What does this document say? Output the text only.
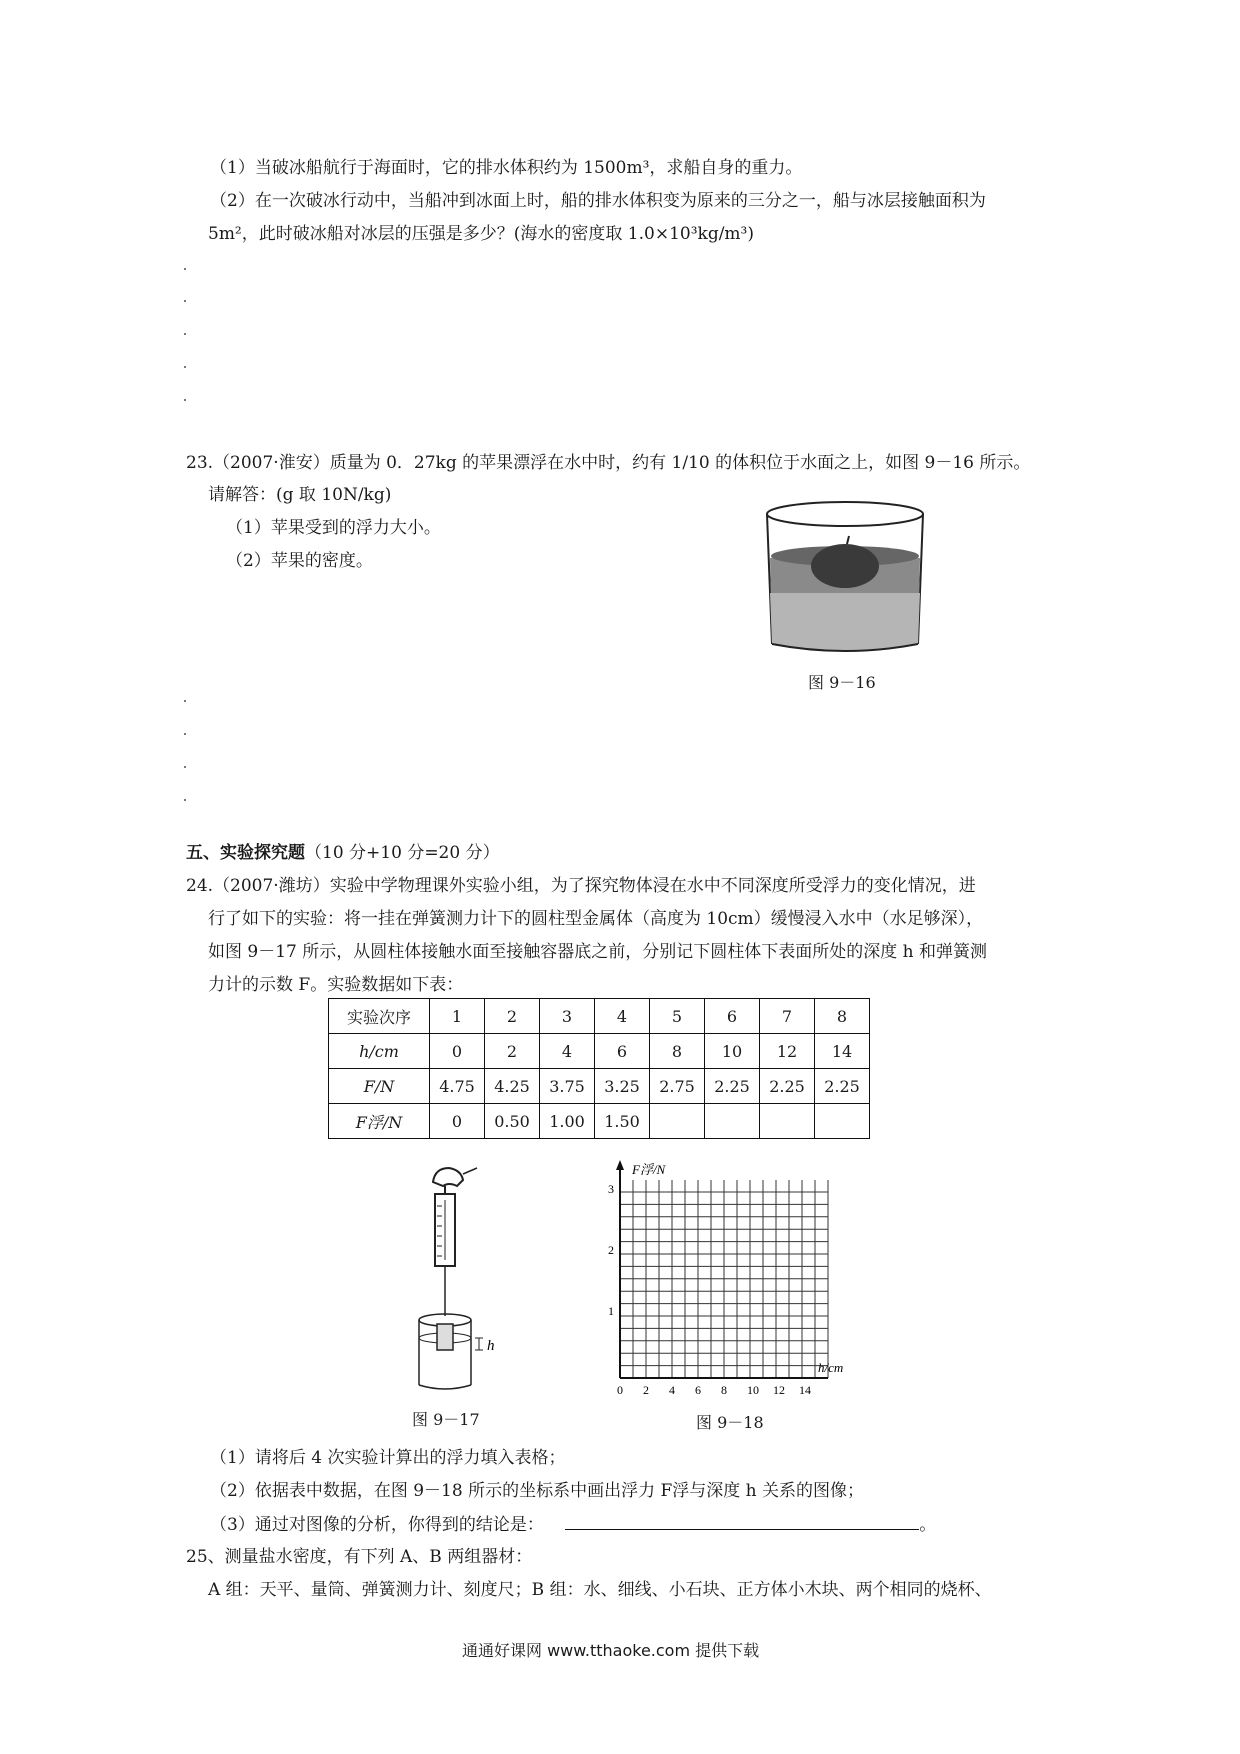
（1）当破冰船航行于海面时，它的排水体积约为 1500m³，求船自身的重力。
（2）在一次破冰行动中，当船冲到冰面上时，船的排水体积变为原来的三分之一，船与冰层接触面积为
5m²，此时破冰船对冰层的压强是多少？(海水的密度取 1.0×10³kg/m³)
23.（2007·淮安）质量为 0．27kg 的苹果漂浮在水中时，约有 1/10 的体积位于水面之上，如图 9－16 所示。
请解答：(g 取 10N/kg)
（1）苹果受到的浮力大小。
（2）苹果的密度。
图 9－16
五、实验探究题（10 分+10 分=20 分）
24.（2007·潍坊）实验中学物理课外实验小组，为了探究物体浸在水中不同深度所受浮力的变化情况，进
行了如下的实验：将一挂在弹簧测力计下的圆柱型金属体（高度为 10cm）缓慢浸入水中（水足够深），
如图 9－17 所示，从圆柱体接触水面至接触容器底之前，分别记下圆柱体下表面所处的深度 h 和弹簧测
力计的示数 F。实验数据如下表：
实验次序	1	2	3	4	5	6	7	8
h/cm	0	2	4	6	8	10	12	14
F/N	4.75	4.25	3.75	3.25	2.75	2.25	2.25	2.25
F浮/N	0	0.50	1.00	1.50				
h
图 9－17
F浮/N
h/cm
3
2
1
0 2 4 6 8 10 12 14
图 9－18
（1）请将后 4 次实验计算出的浮力填入表格；
（2）依据表中数据，在图 9－18 所示的坐标系中画出浮力 F浮与深度 h 关系的图像；
（3）通过对图像的分析，你得到的结论是：	。
25、测量盐水密度，有下列 A、B 两组器材：
A 组：天平、量筒、弹簧测力计、刻度尺；B 组：水、细线、小石块、正方体小木块、两个相同的烧杯、
通通好课网 www.tthaoke.com 提供下载
